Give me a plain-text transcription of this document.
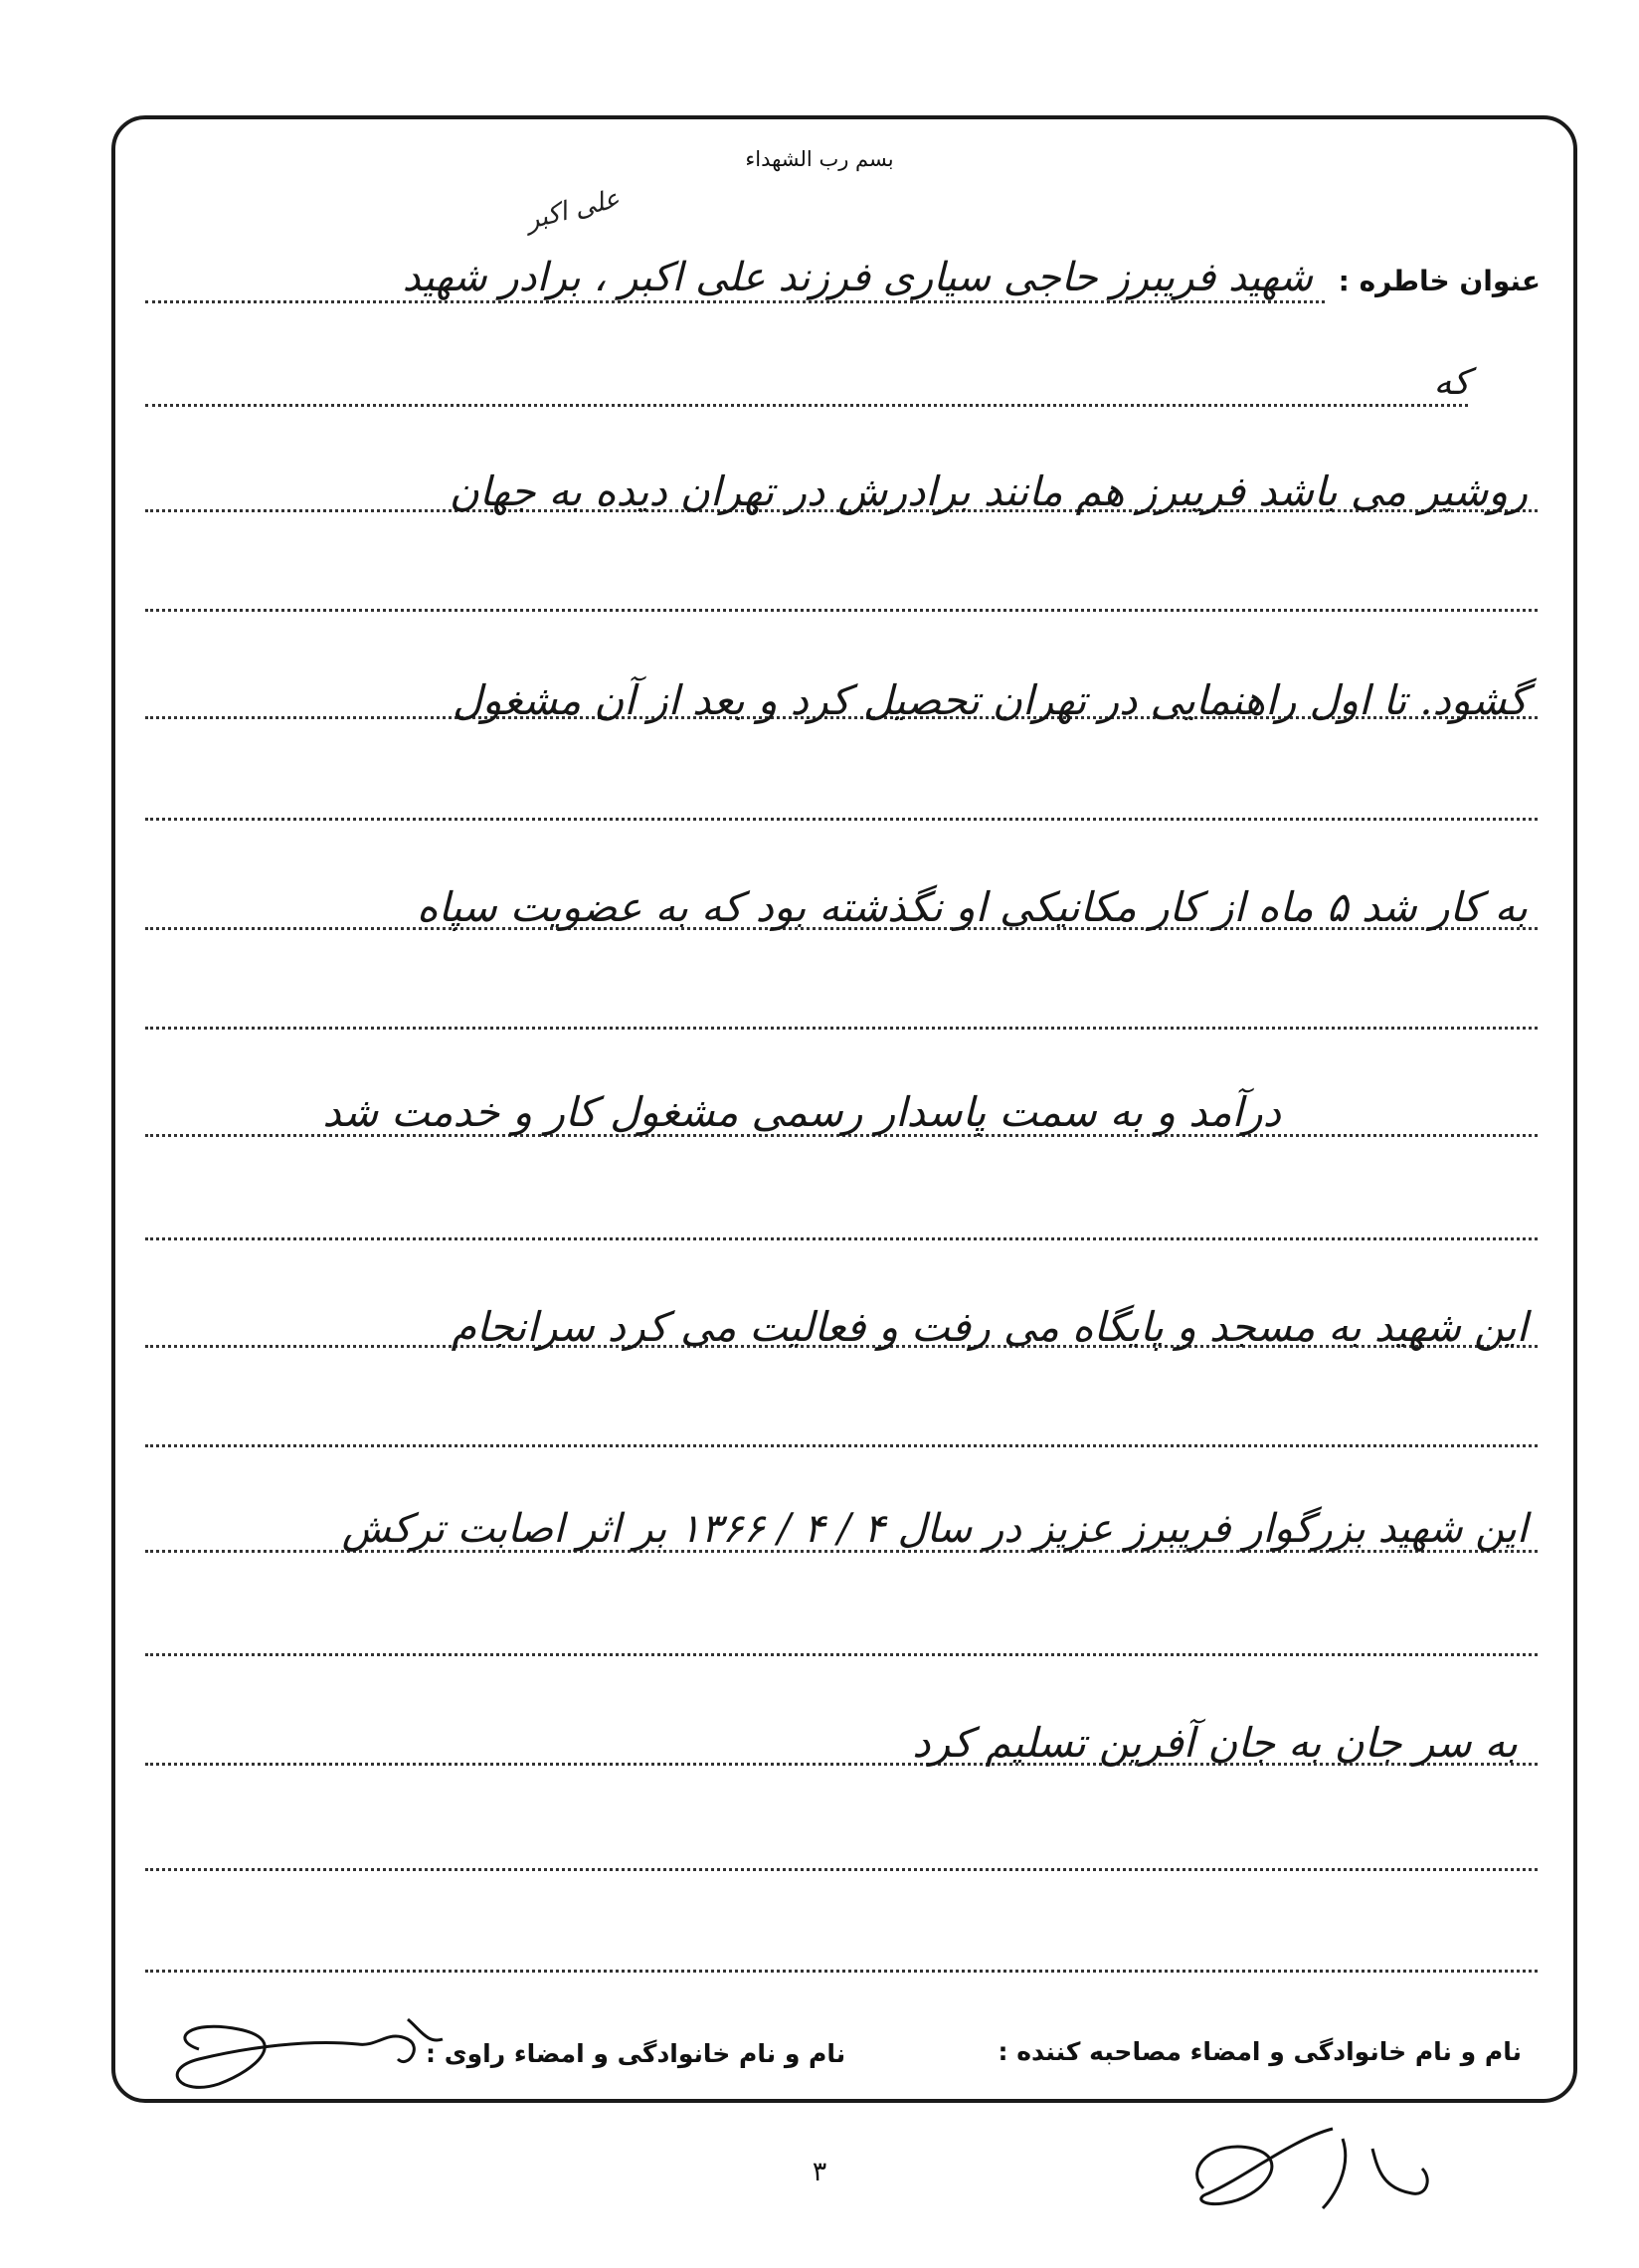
بسم رب الشهداء
عنوان خاطره :
علی اکبر
شهید فریبرز حاجی سیاری فرزند علی اکبر ، برادر شهید
که
روشیر می باشد فریبرز هم مانند برادرش در تهران دیده به جهان
گشود. تا اول راهنمایی در تهران تحصیل کرد و بعد از آن مشغول
به کار شد ۵ ماه از کار مکانیکی او نگذشته بود که به عضویت سپاه
درآمد و به سمت پاسدار رسمی مشغول کار و خدمت شد
این شهید به مسجد و پایگاه می رفت و فعالیت می کرد سرانجام
این شهید بزرگوار فریبرز عزیز در سال ۴ / ۴ / ۱۳۶۶ بر اثر اصابت ترکش
به سر جان به جان آفرین تسلیم کرد
نام و نام خانوادگی و امضاء مصاحبه کننده :
نام و نام خانوادگی و امضاء راوی :
۳
